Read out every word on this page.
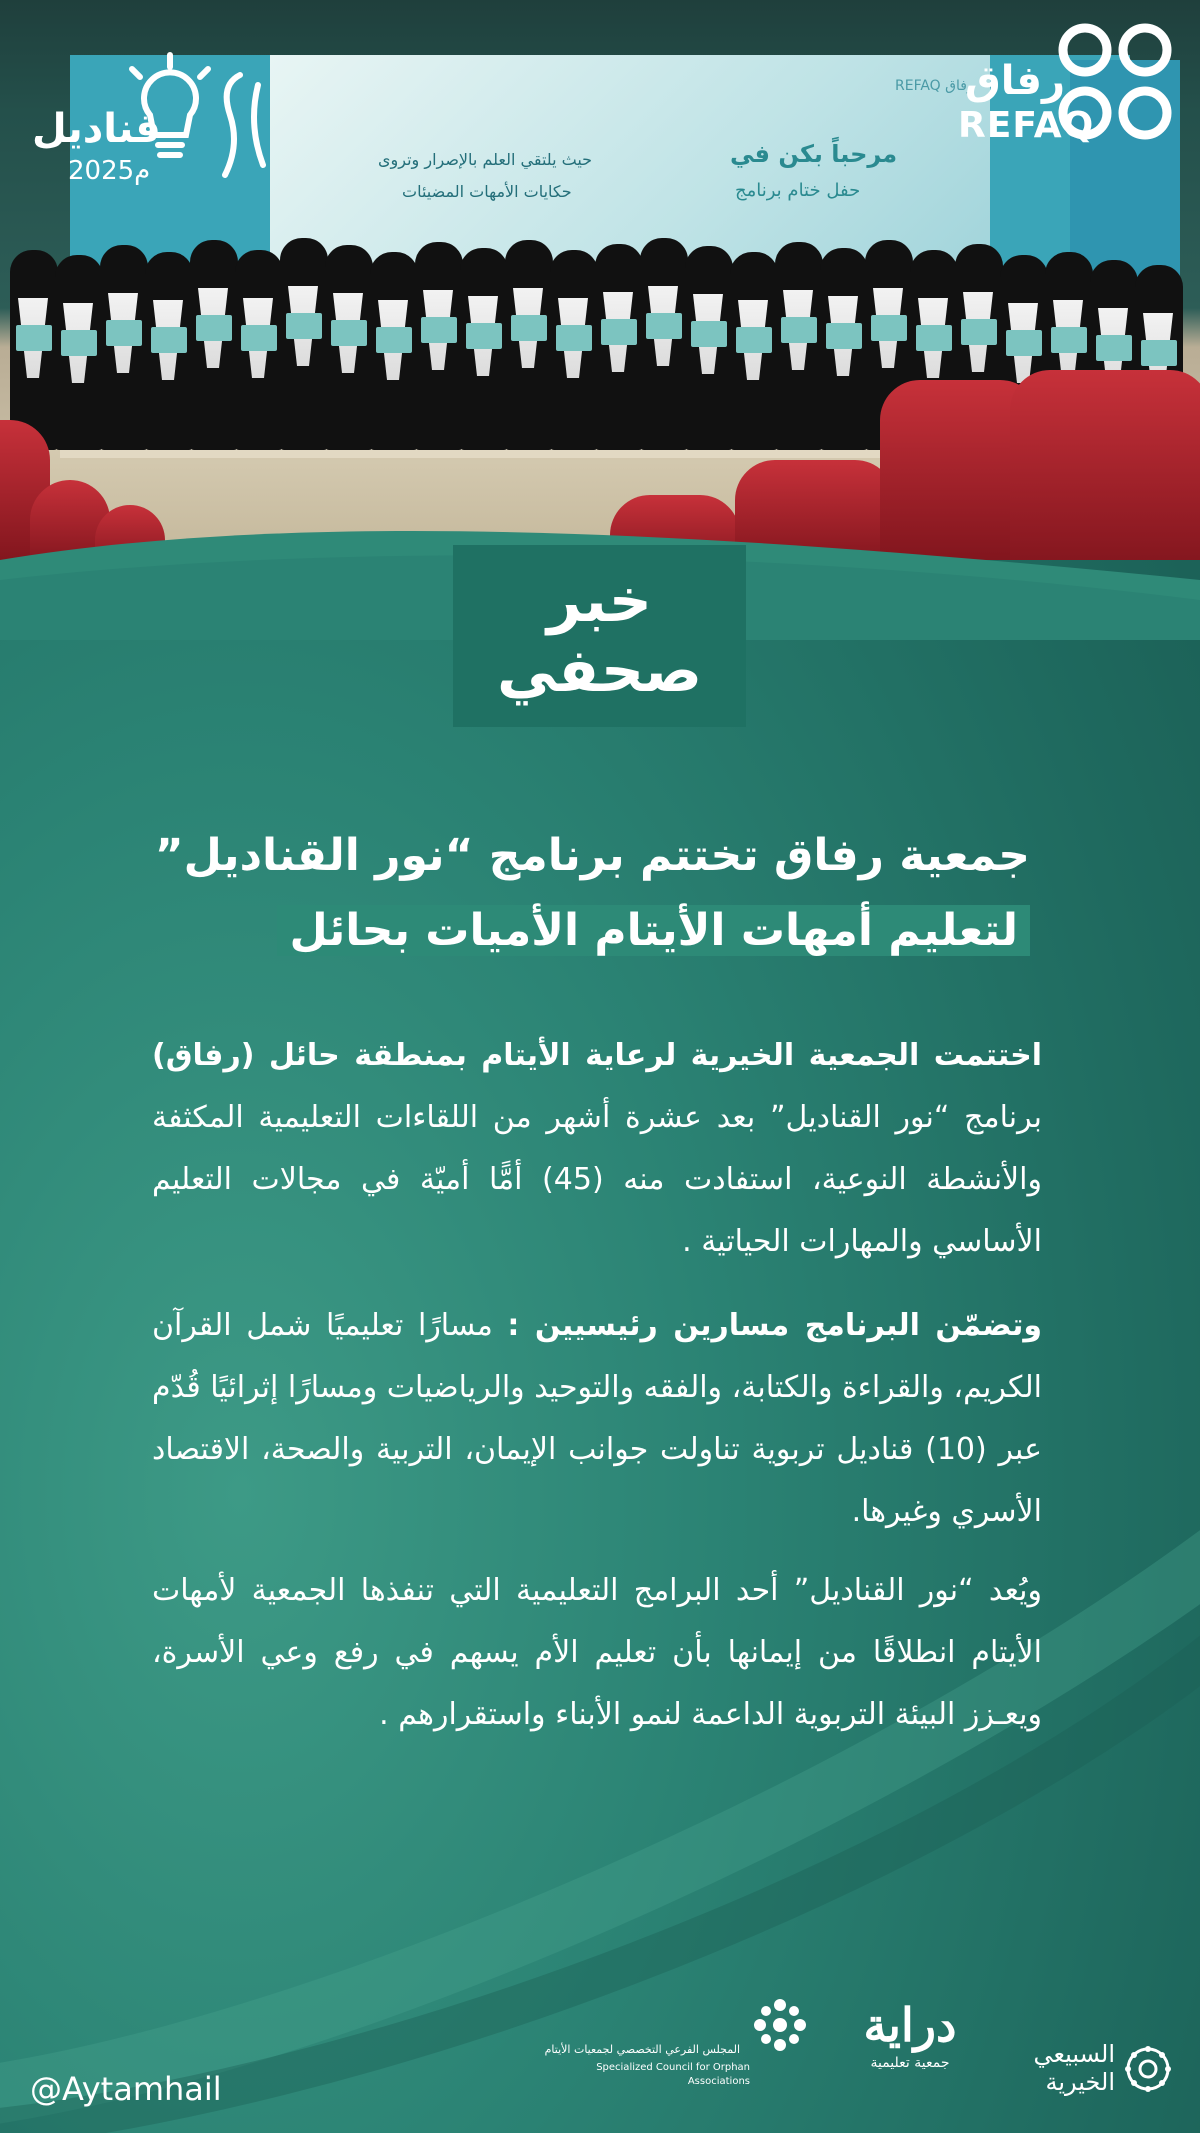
مرحباً بكن في
حفل ختام برنامج
حيث يلتقي العلم بالإصرار وتروى
حكايات الأمهات المضيئات
رفاق REFAQ
قناديل
2025م
رفاق
REFAQ
خبر
صحفي
جمعية رفاق تختتم برنامج “نور القناديل”
لتعليم أمهات الأيتام الأميات بحائل
اختتمت الجمعية الخيرية لرعاية الأيتام بمنطقة حائل (رفاق) برنامج “نور القناديل” بعد عشرة أشهر من اللقاءات التعليمية المكثفة والأنشطة النوعية، استفادت منه (45) أمًّا أميّة في مجالات التعليم الأساسي والمهارات الحياتية .
وتضمّن البرنامج مسارين رئيسيين : مسارًا تعليميًا شمل القرآن الكريم، والقراءة والكتابة، والفقه والتوحيد والرياضيات ومسارًا إثرائيًا قُدّم عبر (10) قناديل تربوية تناولت جوانب الإيمان، التربية والصحة، الاقتصاد الأسري وغيرها.
ويُعد “نور القناديل” أحد البرامج التعليمية التي تنفذها الجمعية لأمهات الأيتام انطلاقًا من إيمانها بأن تعليم الأم يسهم في رفع وعي الأسرة، ويعـزز البيئة التربوية الداعمة لنمو الأبناء واستقرارهم .
@Aytamhail
المجلس الفرعي التخصصي لجمعيات الأيتام
Specialized Council for Orphan Associations
دراية
جمعية تعليمية	السبيعي
الخيرية
